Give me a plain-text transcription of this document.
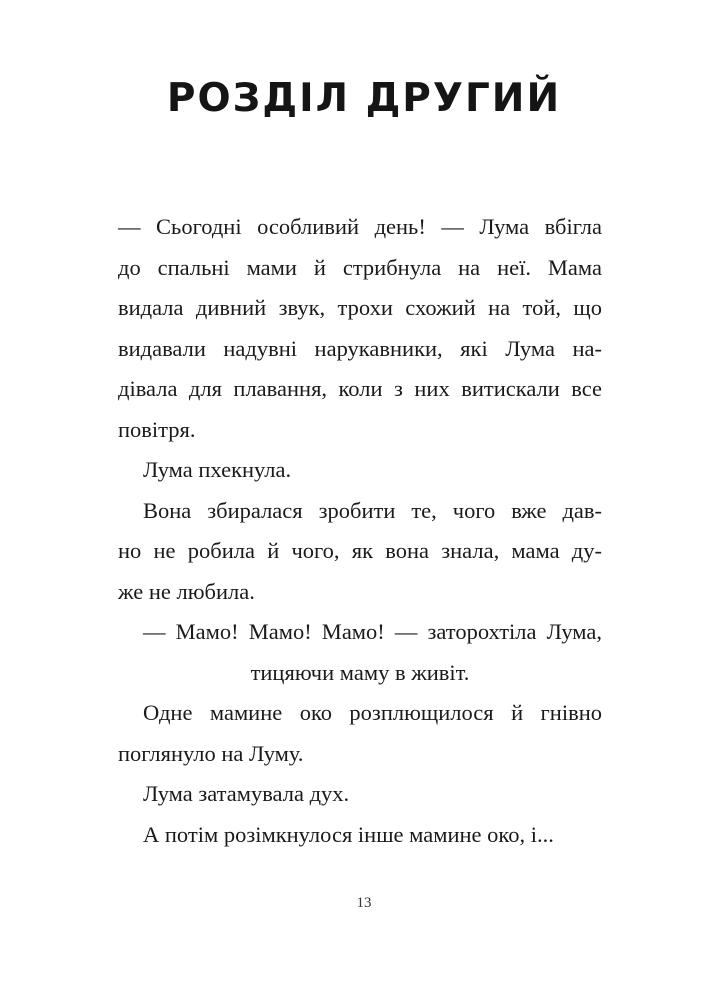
РОЗДІЛ ДРУГИЙ
— Сьогодні особливий день! — Лума вбігла
до спальні мами й стрибнула на неї. Мама
видала дивний звук, трохи схожий на той, що
видавали надувні нарукавники, які Лума на-
дівала для плавання, коли з них витискали все
повітря.
Лума пхекнула.
Вона збиралася зробити те, чого вже дав-
но не робила й чого, як вона знала, мама ду-
же не любила.
— Мамо! Мамо! Мамо! — заторохтіла Лума,
тицяючи маму в живіт.
Одне мамине око розплющилося й гнівно
поглянуло на Луму.
Лума затамувала дух.
А потім розімкнулося інше мамине око, і...
13
